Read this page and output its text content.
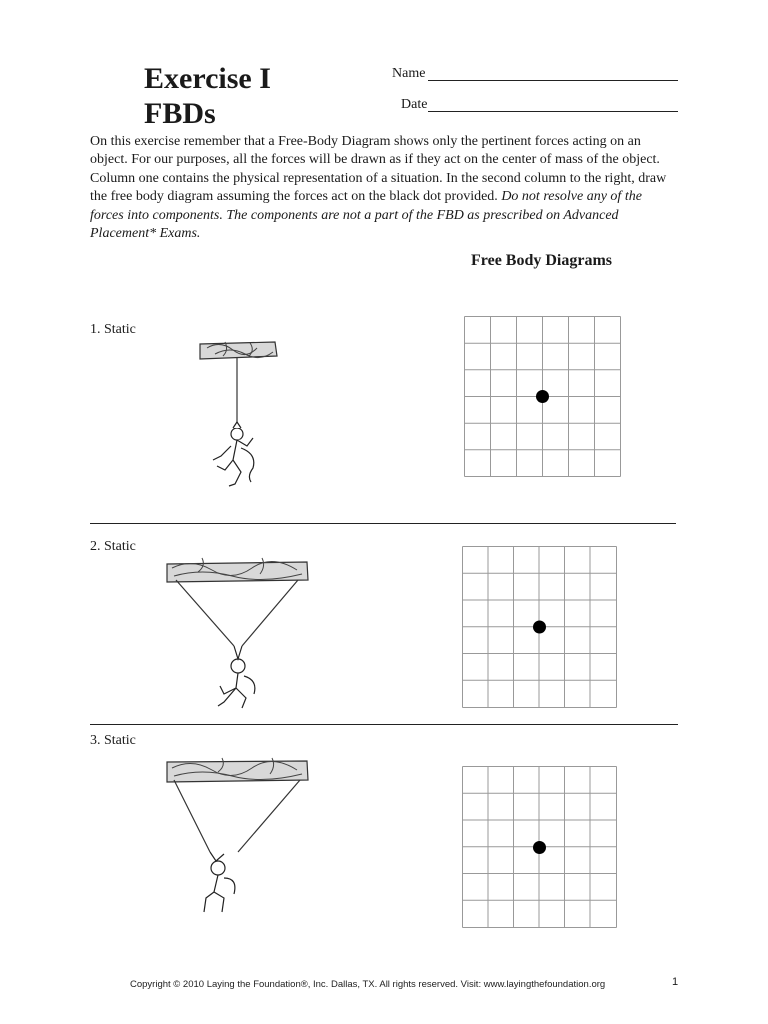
Exercise I
FBDs
Name
Date
On this exercise remember that a Free-Body Diagram shows only the pertinent forces acting on an object. For our purposes, all the forces will be drawn as if they act on the center of mass of the object. Column one contains the physical representation of a situation. In the second column to the right, draw the free body diagram assuming the forces act on the black dot provided. Do not resolve any of the forces into components. The components are not a part of the FBD as prescribed on Advanced Placement* Exams.
Free Body Diagrams
1. Static
2. Static
3. Static
Copyright © 2010 Laying the Foundation®, Inc. Dallas, TX. All rights reserved. Visit: www.layingthefoundation.org	1
